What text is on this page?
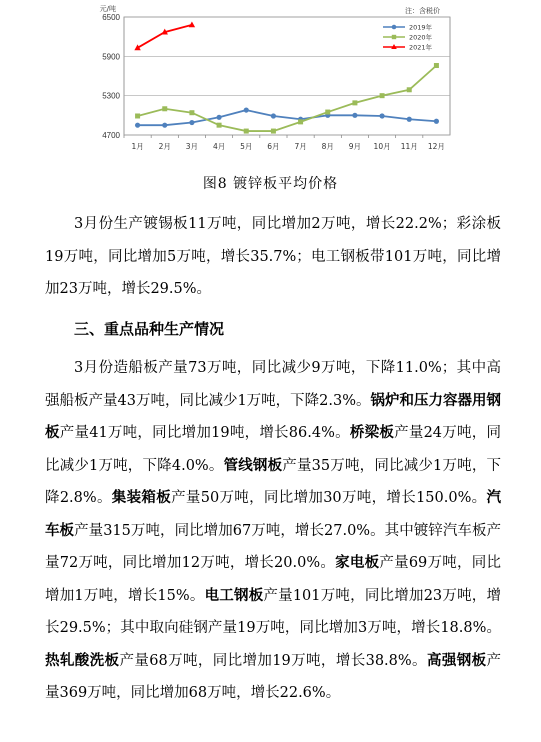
6500
5900
5300
4700
元/吨	注：含税价
1月 2月 3月 4月 5月 6月 7月 8月 9月 10月 11月 12月
2019年
2020年
2021年
图8 镀锌板平均价格
3月份生产镀锡板11万吨，同比增加2万吨，增长22.2%；彩涂板19万吨，同比增加5万吨，增长35.7%；电工钢板带101万吨，同比增加23万吨，增长29.5%。
三、重点品种生产情况
3月份造船板产量73万吨，同比减少9万吨，下降11.0%；其中高强船板产量43万吨，同比减少1万吨，下降2.3%。锅炉和压力容器用钢板产量41万吨，同比增加19吨，增长86.4%。桥梁板产量24万吨，同比减少1万吨，下降4.0%。管线钢板产量35万吨，同比减少1万吨，下降2.8%。集装箱板产量50万吨，同比增加30万吨，增长150.0%。汽车板产量315万吨，同比增加67万吨，增长27.0%。其中镀锌汽车板产量72万吨，同比增加12万吨，增长20.0%。家电板产量69万吨，同比增加1万吨，增长15%。电工钢板产量101万吨，同比增加23万吨，增长29.5%；其中取向硅钢产量19万吨，同比增加3万吨，增长18.8%。热轧酸洗板产量68万吨，同比增加19万吨，增长38.8%。高强钢板产量369万吨，同比增加68万吨，增长22.6%。
